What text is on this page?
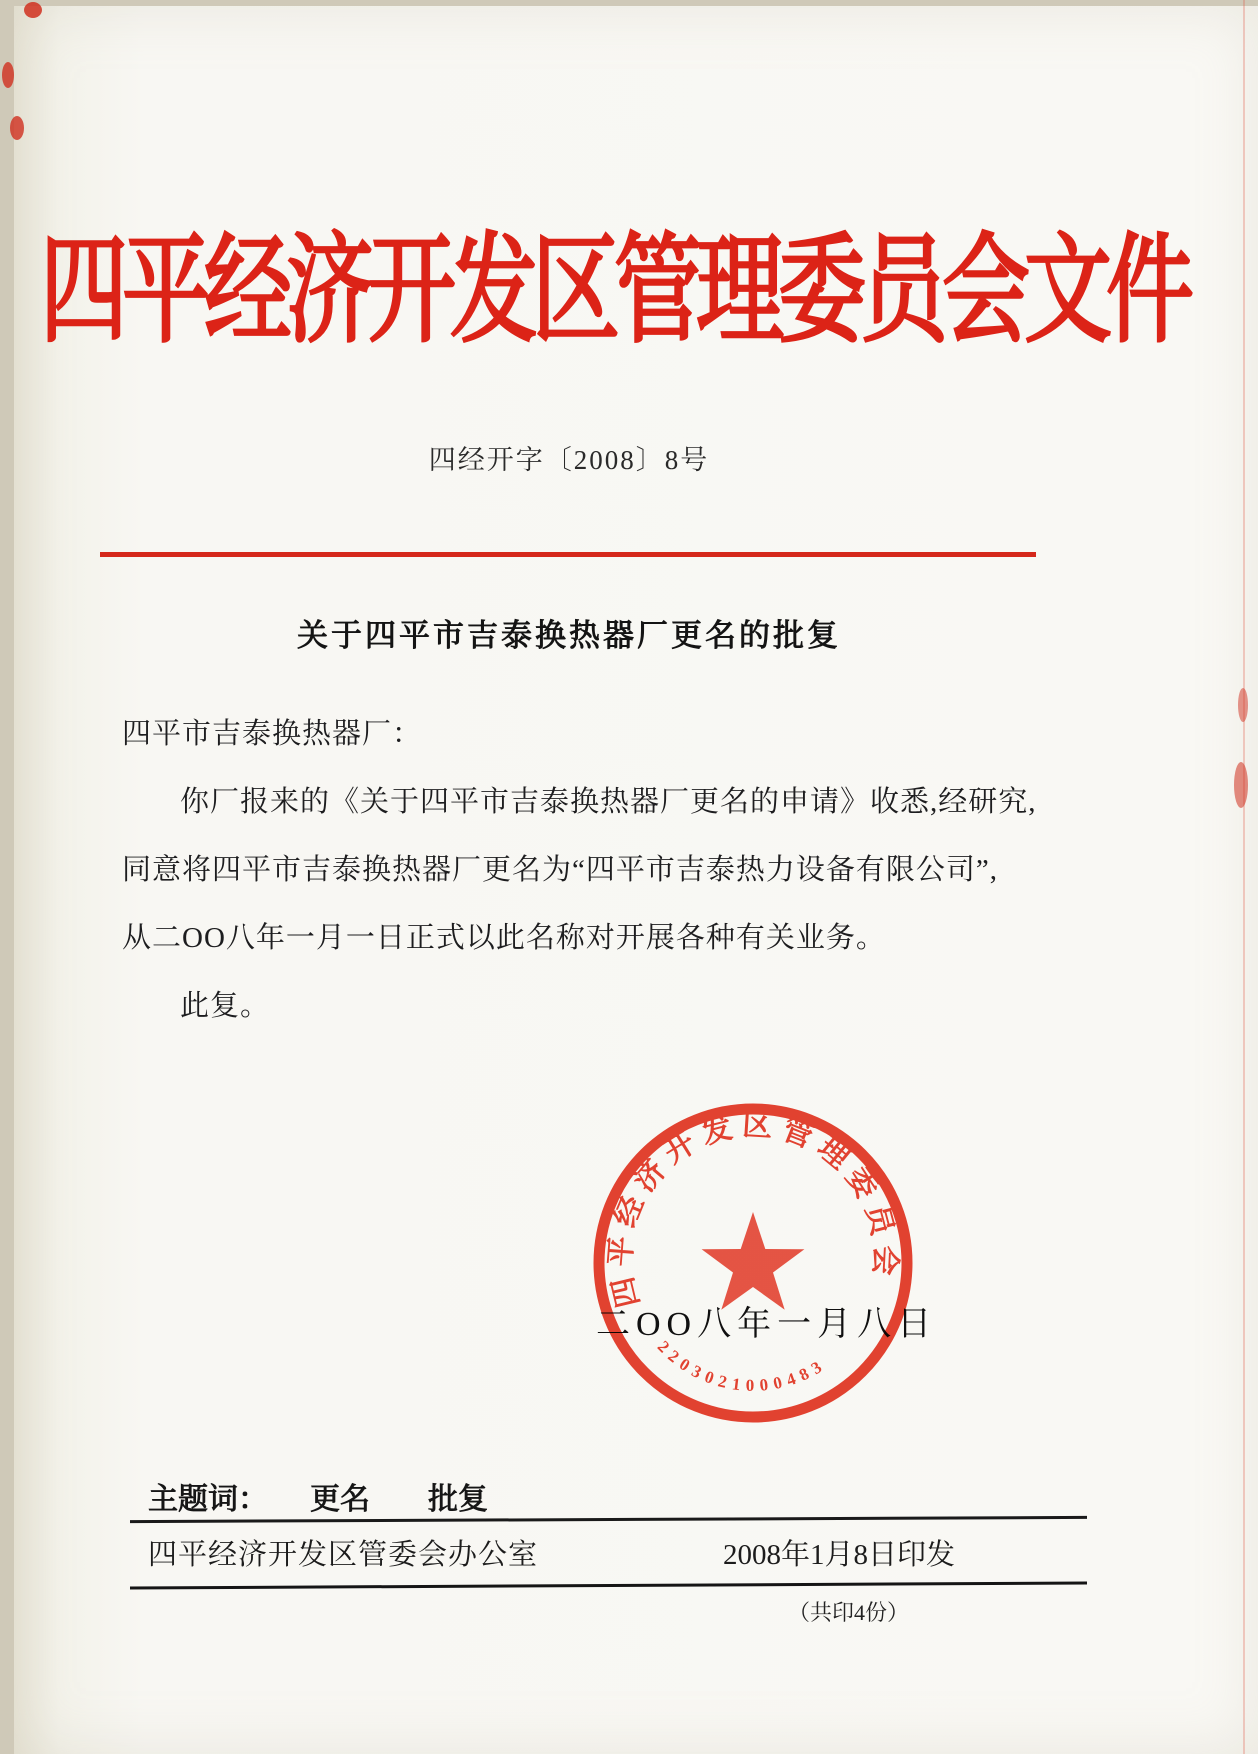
四平经济开发区管理委员会文件
四经开字〔2008〕8号
关于四平市吉泰换热器厂更名的批复
四平市吉泰换热器厂：
你厂报来的《关于四平市吉泰换热器厂更名的申请》收悉,经研究,
同意将四平市吉泰换热器厂更名为“四平市吉泰热力设备有限公司”,
从二OO八年一月一日正式以此名称对开展各种有关业务。
此复。
四平经济开发区管理委员会
2203021000483
二OO八年一月八日
主题词： 更名 批复
四平经济开发区管委会办公室	2008年1月8日印发
（共印4份）
